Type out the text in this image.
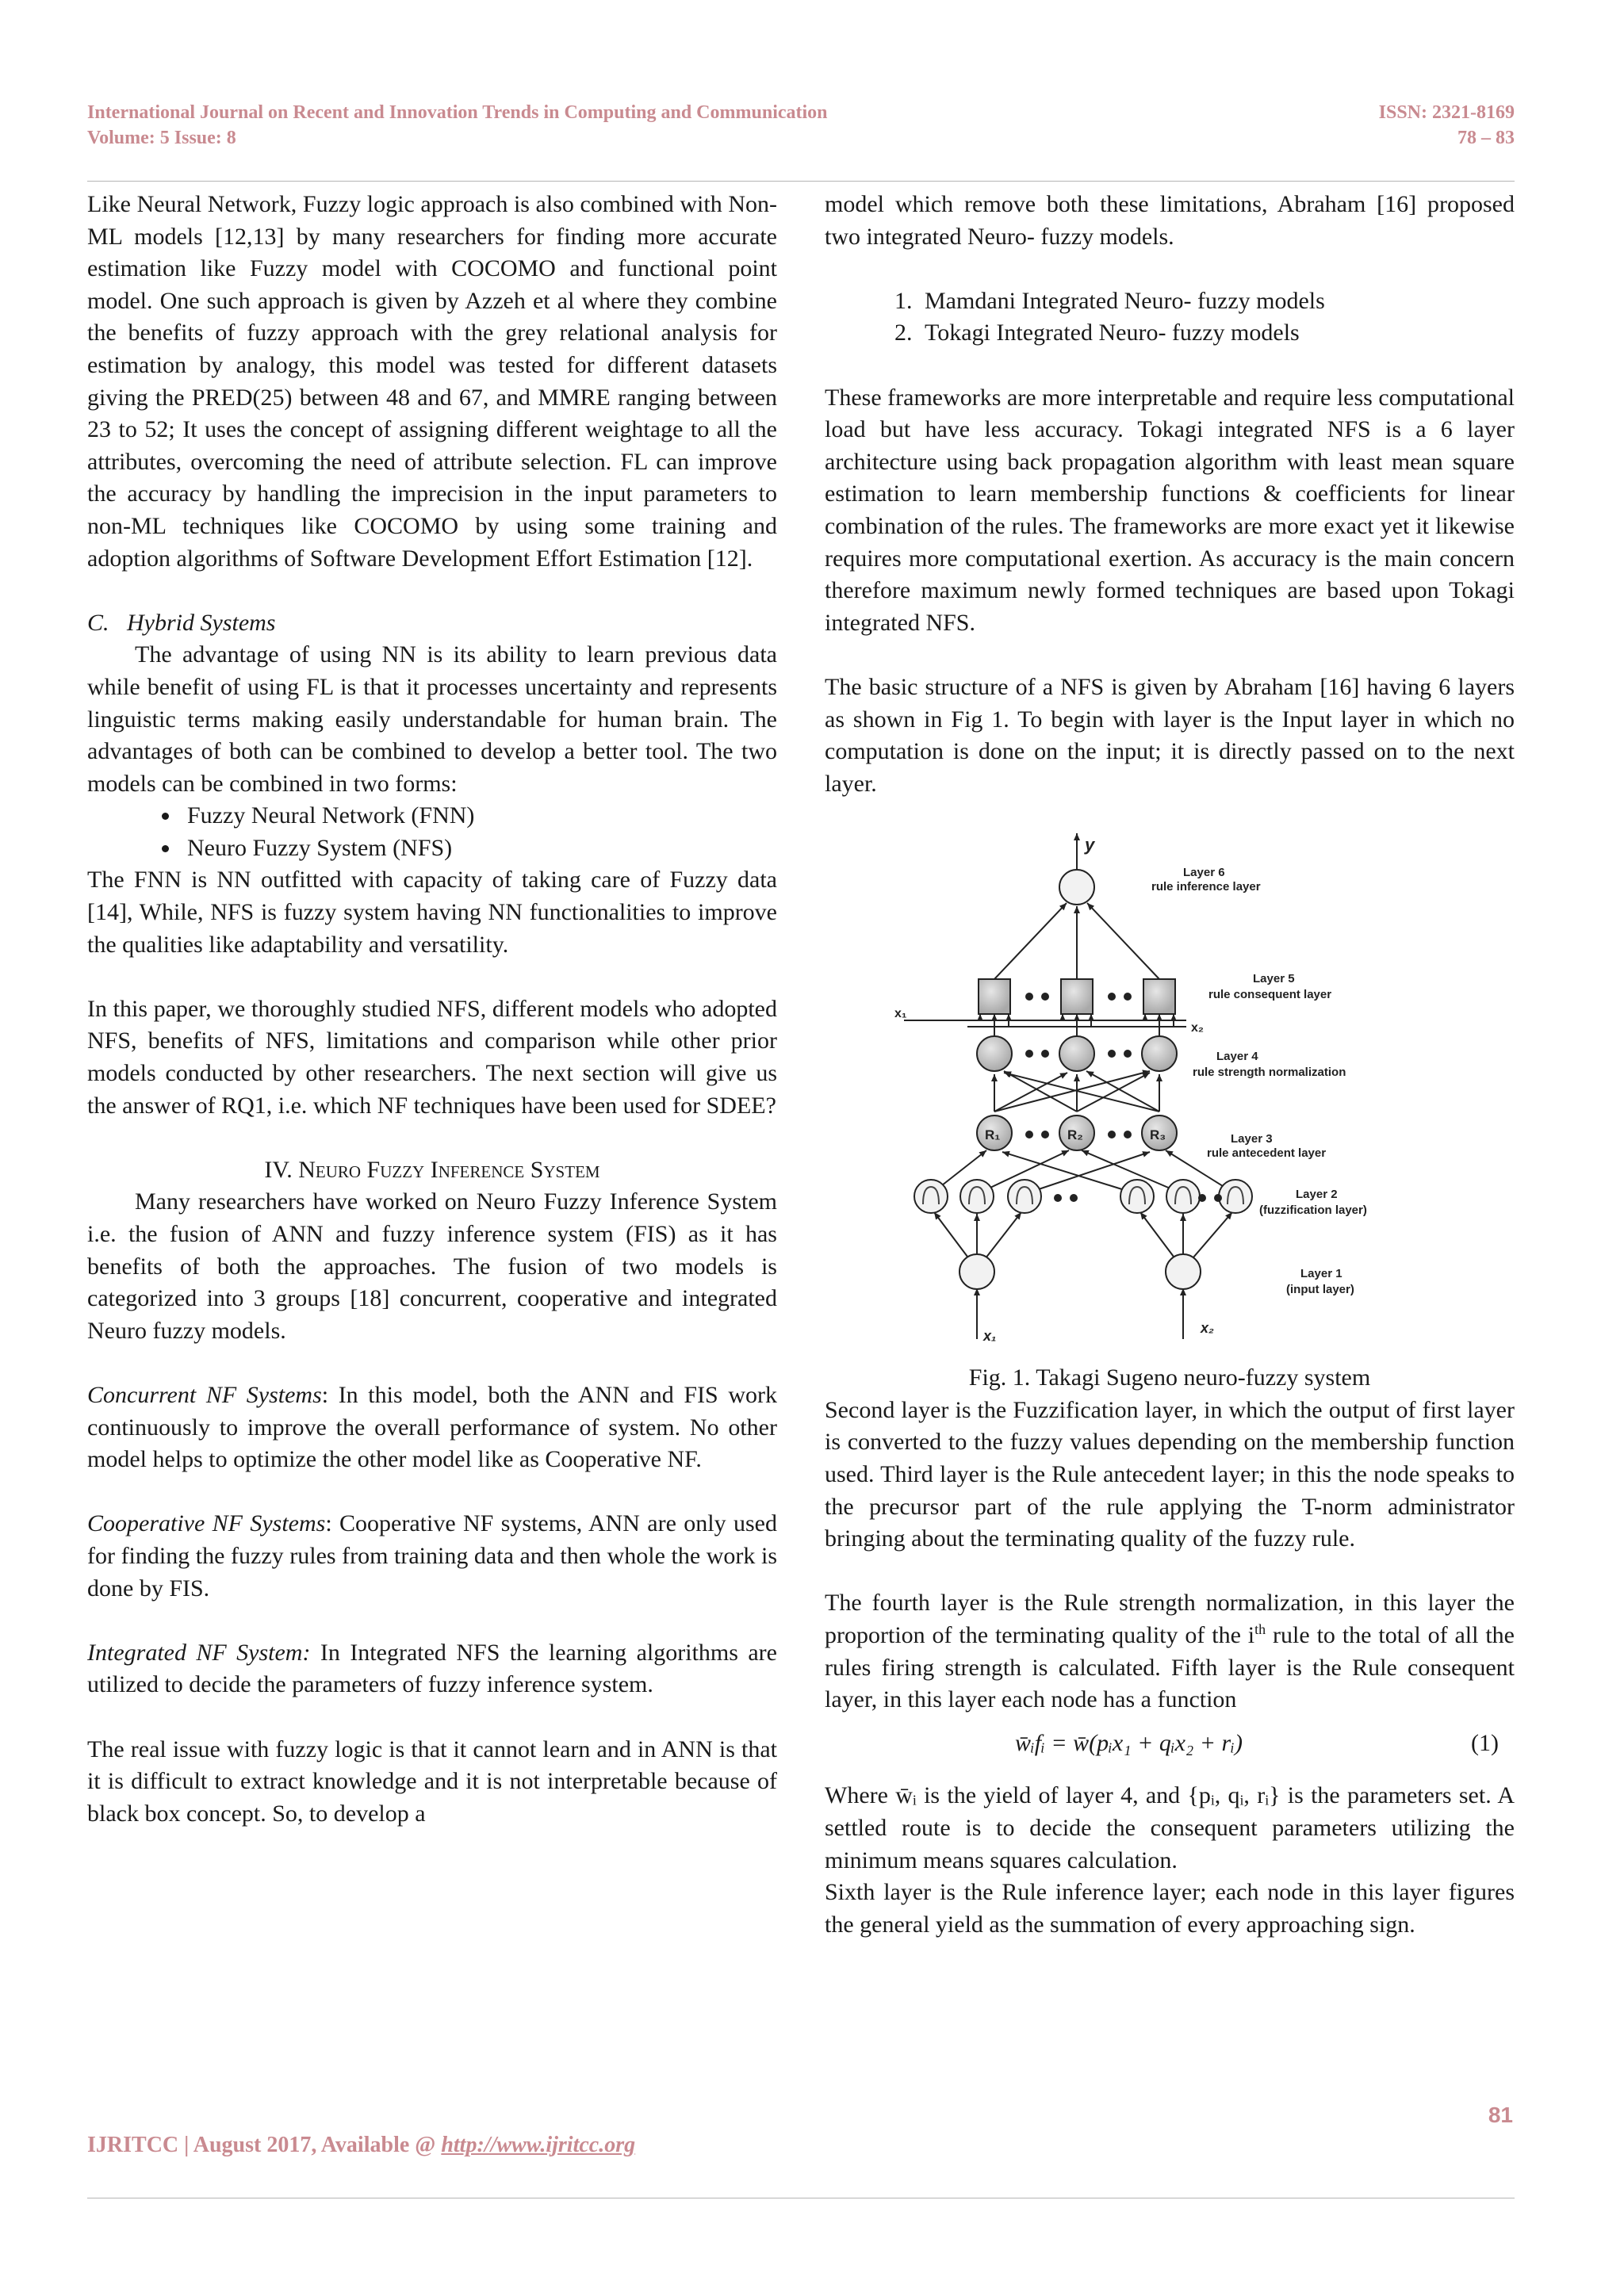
International Journal on Recent and Innovation Trends in Computing and Communication
Volume: 5 Issue: 8
ISSN: 2321-8169
78 – 83

Like Neural Network, Fuzzy logic approach is also combined with Non-ML models [12,13] by many researchers for finding more accurate estimation like Fuzzy model with COCOMO and functional point model. One such approach is given by Azzeh et al where they combine the benefits of fuzzy approach with the grey relational analysis for estimation by analogy, this model was tested for different datasets giving the PRED(25) between 48 and 67, and MMRE ranging between 23 to 52; It uses the concept of assigning different weightage to all the attributes, overcoming the need of attribute selection. FL can improve the accuracy by handling the imprecision in the input parameters to non-ML techniques like COCOMO by using some training and adoption algorithms of Software Development Effort Estimation [12].

C.   Hybrid Systems

The advantage of using NN is its ability to learn previous data while benefit of using FL is that it processes uncertainty and represents linguistic terms making easily understandable for human brain. The advantages of both can be combined to develop a better tool. The two models can be combined in two forms:

• Fuzzy Neural Network (FNN)
• Neuro Fuzzy System (NFS)

The FNN is NN outfitted with capacity of taking care of Fuzzy data [14], While, NFS is fuzzy system having NN functionalities to improve the qualities like adaptability and versatility.

In this paper, we thoroughly studied NFS, different models who adopted NFS, benefits of NFS, limitations and comparison while other prior models conducted by other researchers. The next section will give us the answer of RQ1, i.e. which NF techniques have been used for SDEE?

IV. Neuro Fuzzy Inference System

Many researchers have worked on Neuro Fuzzy Inference System i.e. the fusion of ANN and fuzzy inference system (FIS) as it has benefits of both the approaches. The fusion of two models is categorized into 3 groups [18] concurrent, cooperative and integrated Neuro fuzzy models.

Concurrent NF Systems: In this model, both the ANN and FIS work continuously to improve the overall performance of system. No other model helps to optimize the other model like as Cooperative NF.

Cooperative NF Systems: Cooperative NF systems, ANN are only used for finding the fuzzy rules from training data and then whole the work is done by FIS.

Integrated NF System: In Integrated NFS the learning algorithms are utilized to decide the parameters of fuzzy inference system.

The real issue with fuzzy logic is that it cannot learn and in ANN is that it is difficult to extract knowledge and it is not interpretable because of black box concept. So, to develop a

model which remove both these limitations, Abraham [16] proposed two integrated Neuro- fuzzy models.

1. Mamdani Integrated Neuro- fuzzy models
2. Tokagi Integrated Neuro- fuzzy models

These frameworks are more interpretable and require less computational load but have less accuracy. Tokagi integrated NFS is a 6 layer architecture using back propagation algorithm with least mean square estimation to learn membership functions & coefficients for linear combination of the rules. The frameworks are more exact yet it likewise requires more computational exertion. As accuracy is the main concern therefore maximum newly formed techniques are based upon Tokagi integrated NFS.

The basic structure of a NFS is given by Abraham [16] having 6 layers as shown in Fig 1. To begin with layer is the Input layer in which no computation is done on the input; it is directly passed on to the next layer.

y
R₁	R₂	R₃
x₁
x₂
x₁	x₂
Layer 6
rule inference layer
Layer 5
rule consequent layer
Layer 4
rule strength normalization
Layer 3
rule antecedent layer
Layer 2
(fuzzification layer)
Layer 1
(input layer)

Fig. 1. Takagi Sugeno neuro-fuzzy system

Second layer is the Fuzzification layer, in which the output of first layer is converted to the fuzzy values depending on the membership function used. Third layer is the Rule antecedent layer; in this the node speaks to the precursor part of the rule applying the T-norm administrator bringing about the terminating quality of the fuzzy rule.

The fourth layer is the Rule strength normalization, in this layer the proportion of the terminating quality of the $i^{th}$ rule to the total of all the rules firing strength is calculated. Fifth layer is the Rule consequent layer, in this layer each node has a function

w̄ᵢfᵢ = w̄(pᵢx₁ + qᵢx₂ + rᵢ)	(1)

Where w̄ᵢ is the yield of layer 4, and {pᵢ, qᵢ, rᵢ} is the parameters set. A settled route is to decide the consequent parameters utilizing the minimum means squares calculation.

Sixth layer is the Rule inference layer; each node in this layer figures the general yield as the summation of every approaching sign.

81
IJRITCC | August 2017, Available @ http://www.ijritcc.org
